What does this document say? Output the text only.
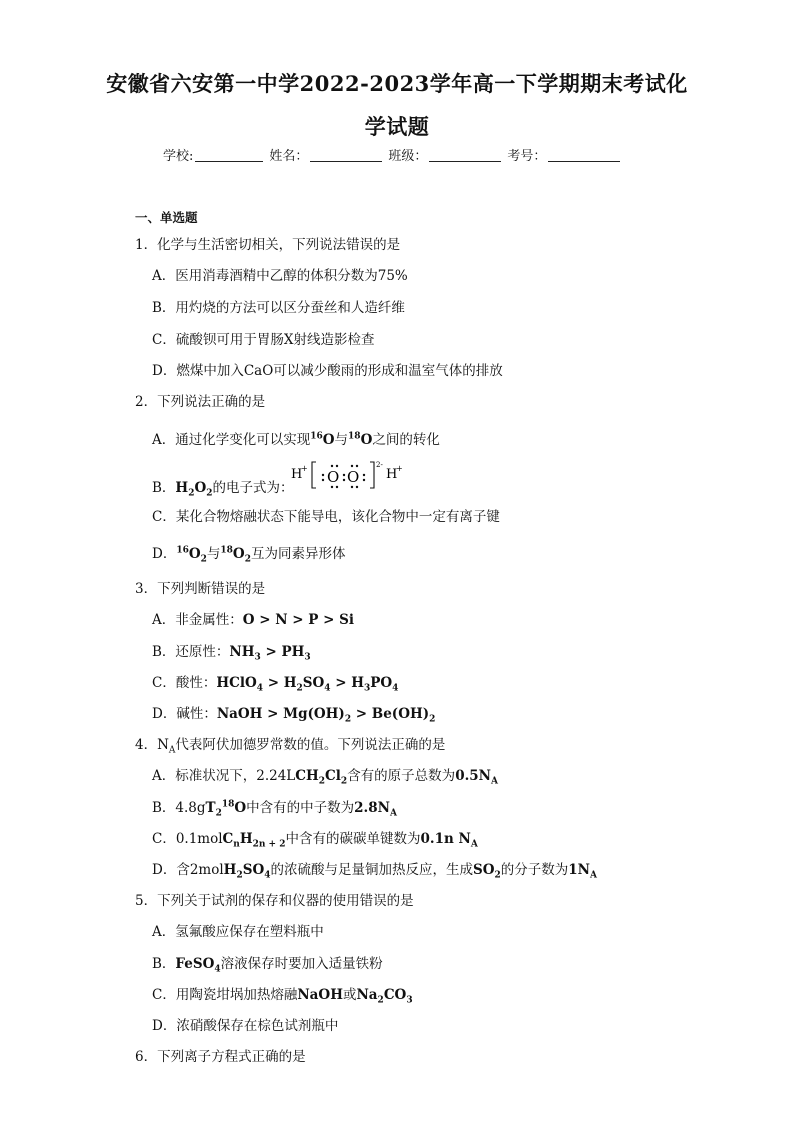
安徽省六安第一中学2022-2023学年高一下学期期末考试化
学试题
学校:	姓名：	班级：	考号：
一、单选题
1．化学与生活密切相关，下列说法错误的是
A．医用消毒酒精中乙醇的体积分数为75%
B．用灼烧的方法可以区分蚕丝和人造纤维
C．硫酸钡可用于胃肠X射线造影检查
D．燃煤中加入CaO可以减少酸雨的形成和温室气体的排放
2．下列说法正确的是
A．通过化学变化可以实现$^{16}$O与$^{18}$O之间的转化
B．$H_2O_2$的电子式为：
H
+ O O
2-
H
+
C．某化合物熔融状态下能导电，该化合物中一定有离子键
D．$^{16}O_2$与$^{18}O_2$互为同素异形体
3．下列判断错误的是
A．非金属性：O > N > P > Si
B．还原性：$NH_3 > PH_3$
C．酸性：HClO$_4$ > $H_2SO_4 > H_3PO_4$
D．碱性：NaOH > $Mg(OH)_2 > Be(OH)_2$
4．$N_A$代表阿伏加德罗常数的值。下列说法正确的是
A．标准状况下，$2.24LCH_2Cl_2$含有的原子总数为$0.5N_A$
B．$4.8gT_2^{18}O$中含有的中子数为$2.8N_A$
C．$0.1molC_nH_{2n + 2}$中含有的碳碳单键数为0.1n $N_A$
D．含$2molH_2SO_4$的浓硫酸与足量铜加热反应，生成$SO_2$的分子数为$1N_A$
5．下列关于试剂的保存和仪器的使用错误的是
A．氢氟酸应保存在塑料瓶中
B．FeSO$_4$溶液保存时要加入适量铁粉
C．用陶瓷坩埚加热熔融NaOH或$Na_2CO_3$
D．浓硝酸保存在棕色试剂瓶中
6．下列离子方程式正确的是
